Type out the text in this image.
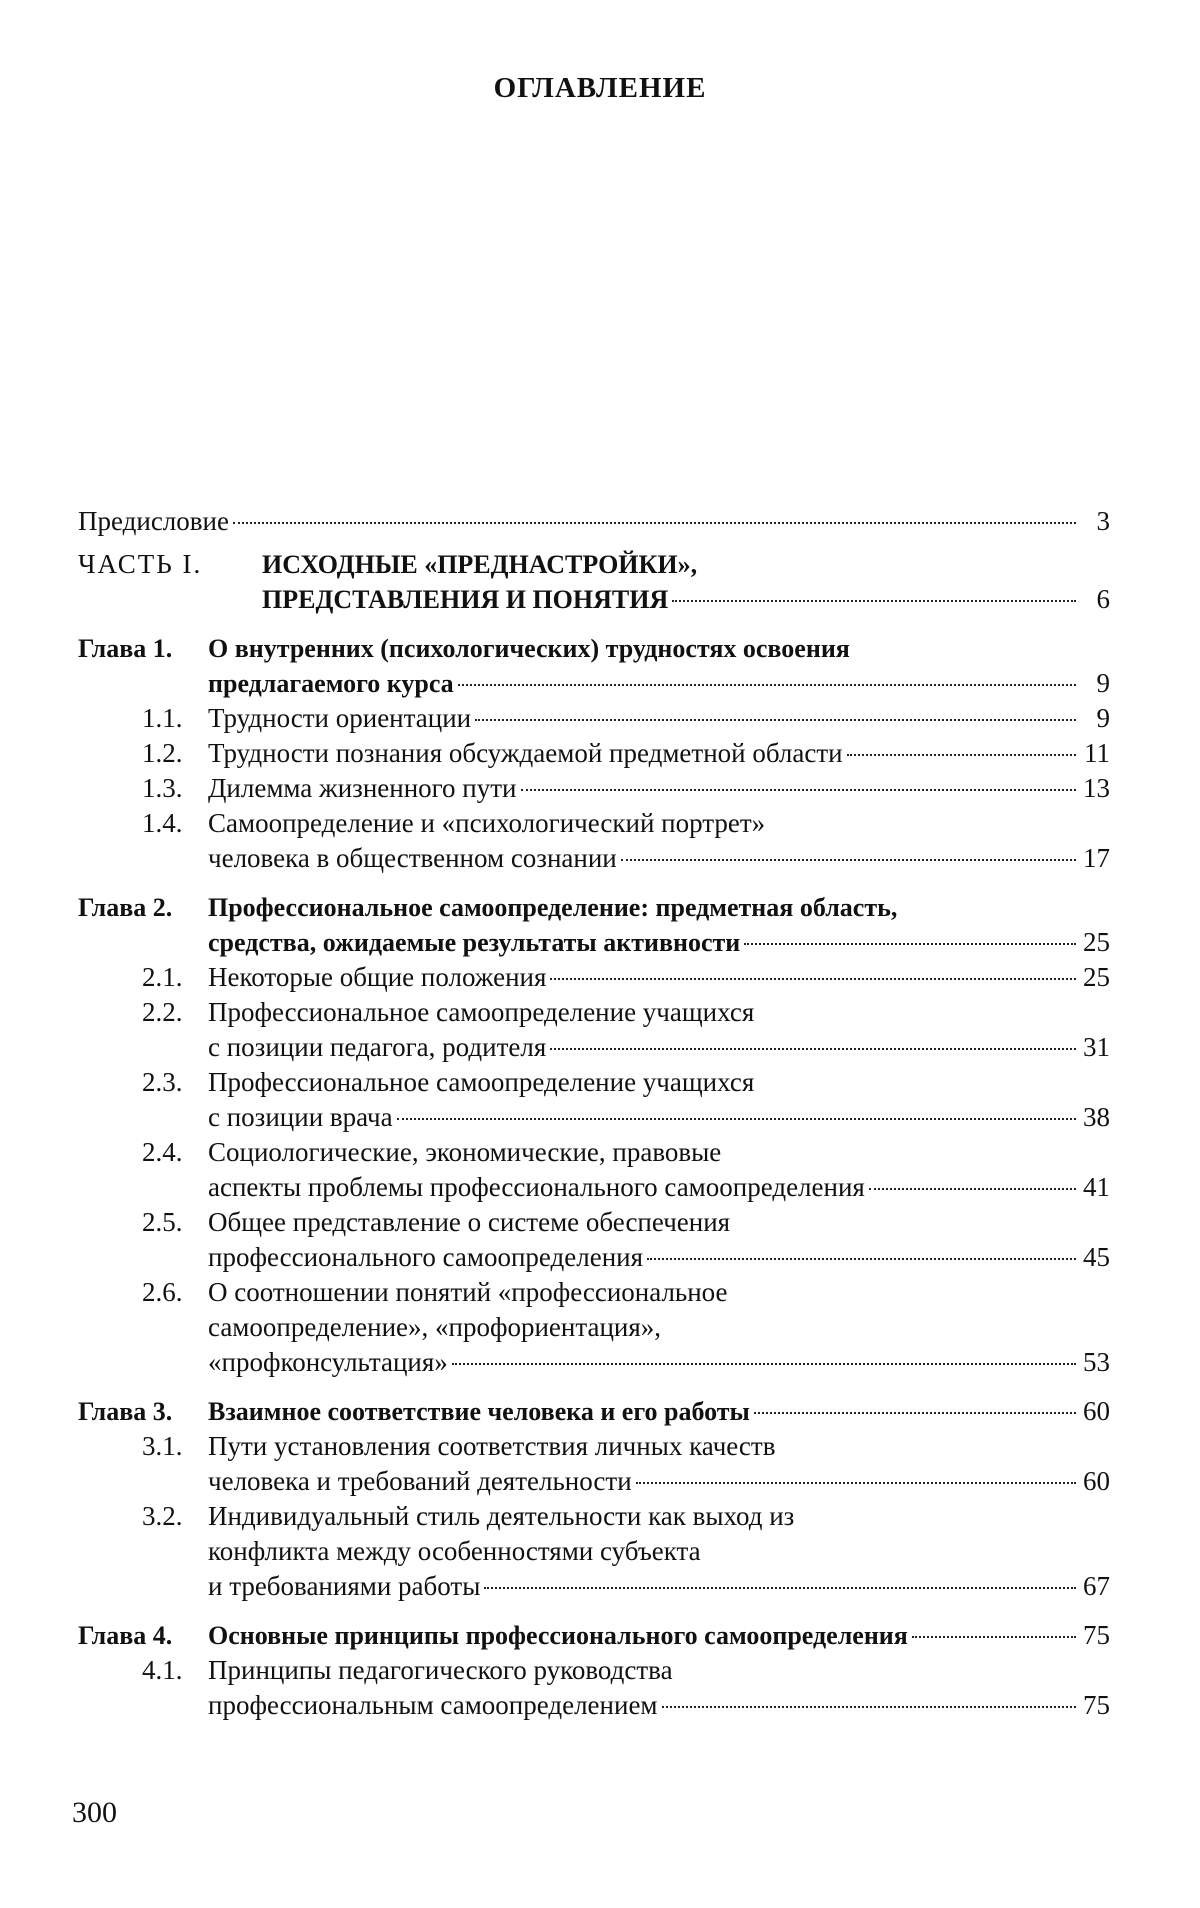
ОГЛАВЛЕНИЕ
Предисловие	3
ЧАСТЬ I. ИСХОДНЫЕ «ПРЕДНАСТРОЙКИ»,
ПРЕДСТАВЛЕНИЯ И ПОНЯТИЯ	6
Глава 1. О внутренних (психологических) трудностях освоения
предлагаемого курса	9
1.1. Трудности ориентации	9
1.2. Трудности познания обсуждаемой предметной области	11
1.3. Дилемма жизненного пути	13
1.4. Самоопределение и «психологический портрет»
человека в общественном сознании	17
Глава 2. Профессиональное самоопределение: предметная область,
средства, ожидаемые результаты активности	25
2.1. Некоторые общие положения	25
2.2. Профессиональное самоопределение учащихся
с позиции педагога, родителя	31
2.3. Профессиональное самоопределение учащихся
с позиции врача	38
2.4. Социологические, экономические, правовые
аспекты проблемы профессионального самоопределения	41
2.5. Общее представление о системе обеспечения
профессионального самоопределения	45
2.6. О соотношении понятий «профессиональное
самоопределение», «профориентация»,
«профконсультация»	53
Глава 3. Взаимное соответствие человека и его работы	60
3.1. Пути установления соответствия личных качеств
человека и требований деятельности	60
3.2. Индивидуальный стиль деятельности как выход из
конфликта между особенностями субъекта
и требованиями работы	67
Глава 4. Основные принципы профессионального самоопределения	75
4.1. Принципы педагогического руководства
профессиональным самоопределением	75
300
